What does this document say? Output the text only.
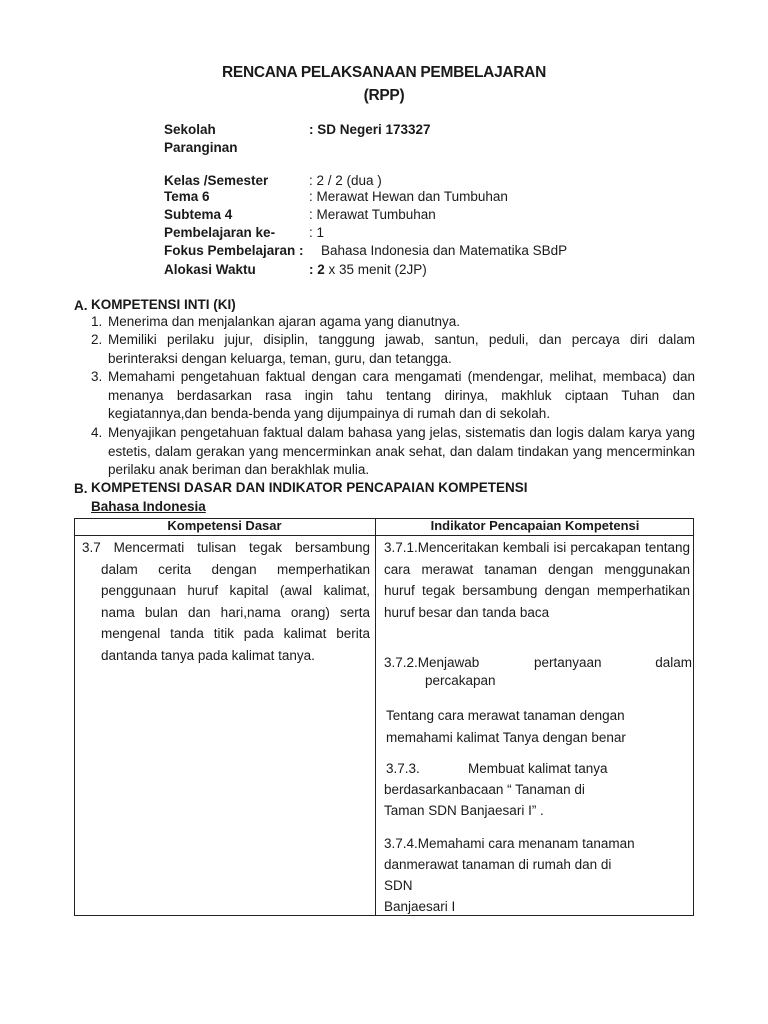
RENCANA PELAKSANAAN PEMBELAJARAN
(RPP)
Sekolah	: SD Negeri 173327
Paranginan
Kelas /Semester	: 2 / 2 (dua )
Tema 6	: Merawat Hewan dan Tumbuhan
Subtema 4	: Merawat Tumbuhan
Pembelajaran ke-	: 1
Fokus Pembelajaran : Bahasa Indonesia dan Matematika SBdP
Alokasi Waktu	: 2 x 35 menit (2JP)
A. KOMPETENSI INTI (KI)
1. Menerima dan menjalankan ajaran agama yang dianutnya.
2. Memiliki perilaku jujur, disiplin, tanggung jawab, santun, peduli, dan percaya diri dalam berinteraksi dengan keluarga, teman, guru, dan tetangga.
3. Memahami pengetahuan faktual dengan cara mengamati (mendengar, melihat, membaca) dan menanya berdasarkan rasa ingin tahu tentang dirinya, makhluk ciptaan Tuhan dan kegiatannya,dan benda-benda yang dijumpainya di rumah dan di sekolah.
4. Menyajikan pengetahuan faktual dalam bahasa yang jelas, sistematis dan logis dalam karya yang estetis, dalam gerakan yang mencerminkan anak sehat, dan dalam tindakan yang mencerminkan perilaku anak beriman dan berakhlak mulia.
B. KOMPETENSI DASAR DAN INDIKATOR PENCAPAIAN KOMPETENSI
Bahasa Indonesia
Kompetensi Dasar	Indikator Pencapaian Kompetensi
3.7 Mencermati tulisan tegak bersambung dalam cerita dengan memperhatikan penggunaan huruf kapital (awal kalimat, nama bulan dan hari,nama orang) serta mengenal tanda titik pada kalimat berita dantanda tanya pada kalimat tanya.
3.7.1.Menceritakan kembali isi percakapan tentang cara merawat tanaman dengan menggunakan huruf tegak bersambung dengan memperhatikan huruf besar dan tanda baca
3.7.2.Menjawab	pertanyaan	dalam
percakapan
Tentang cara merawat tanaman dengan memahami kalimat Tanya dengan benar
3.7.3.	Membuat kalimat tanya
berdasarkanbacaan “ Tanaman di
Taman SDN Banjaesari I” .
3.7.4.Memahami cara menanam tanaman
danmerawat tanaman di rumah dan di
SDN
Banjaesari I
